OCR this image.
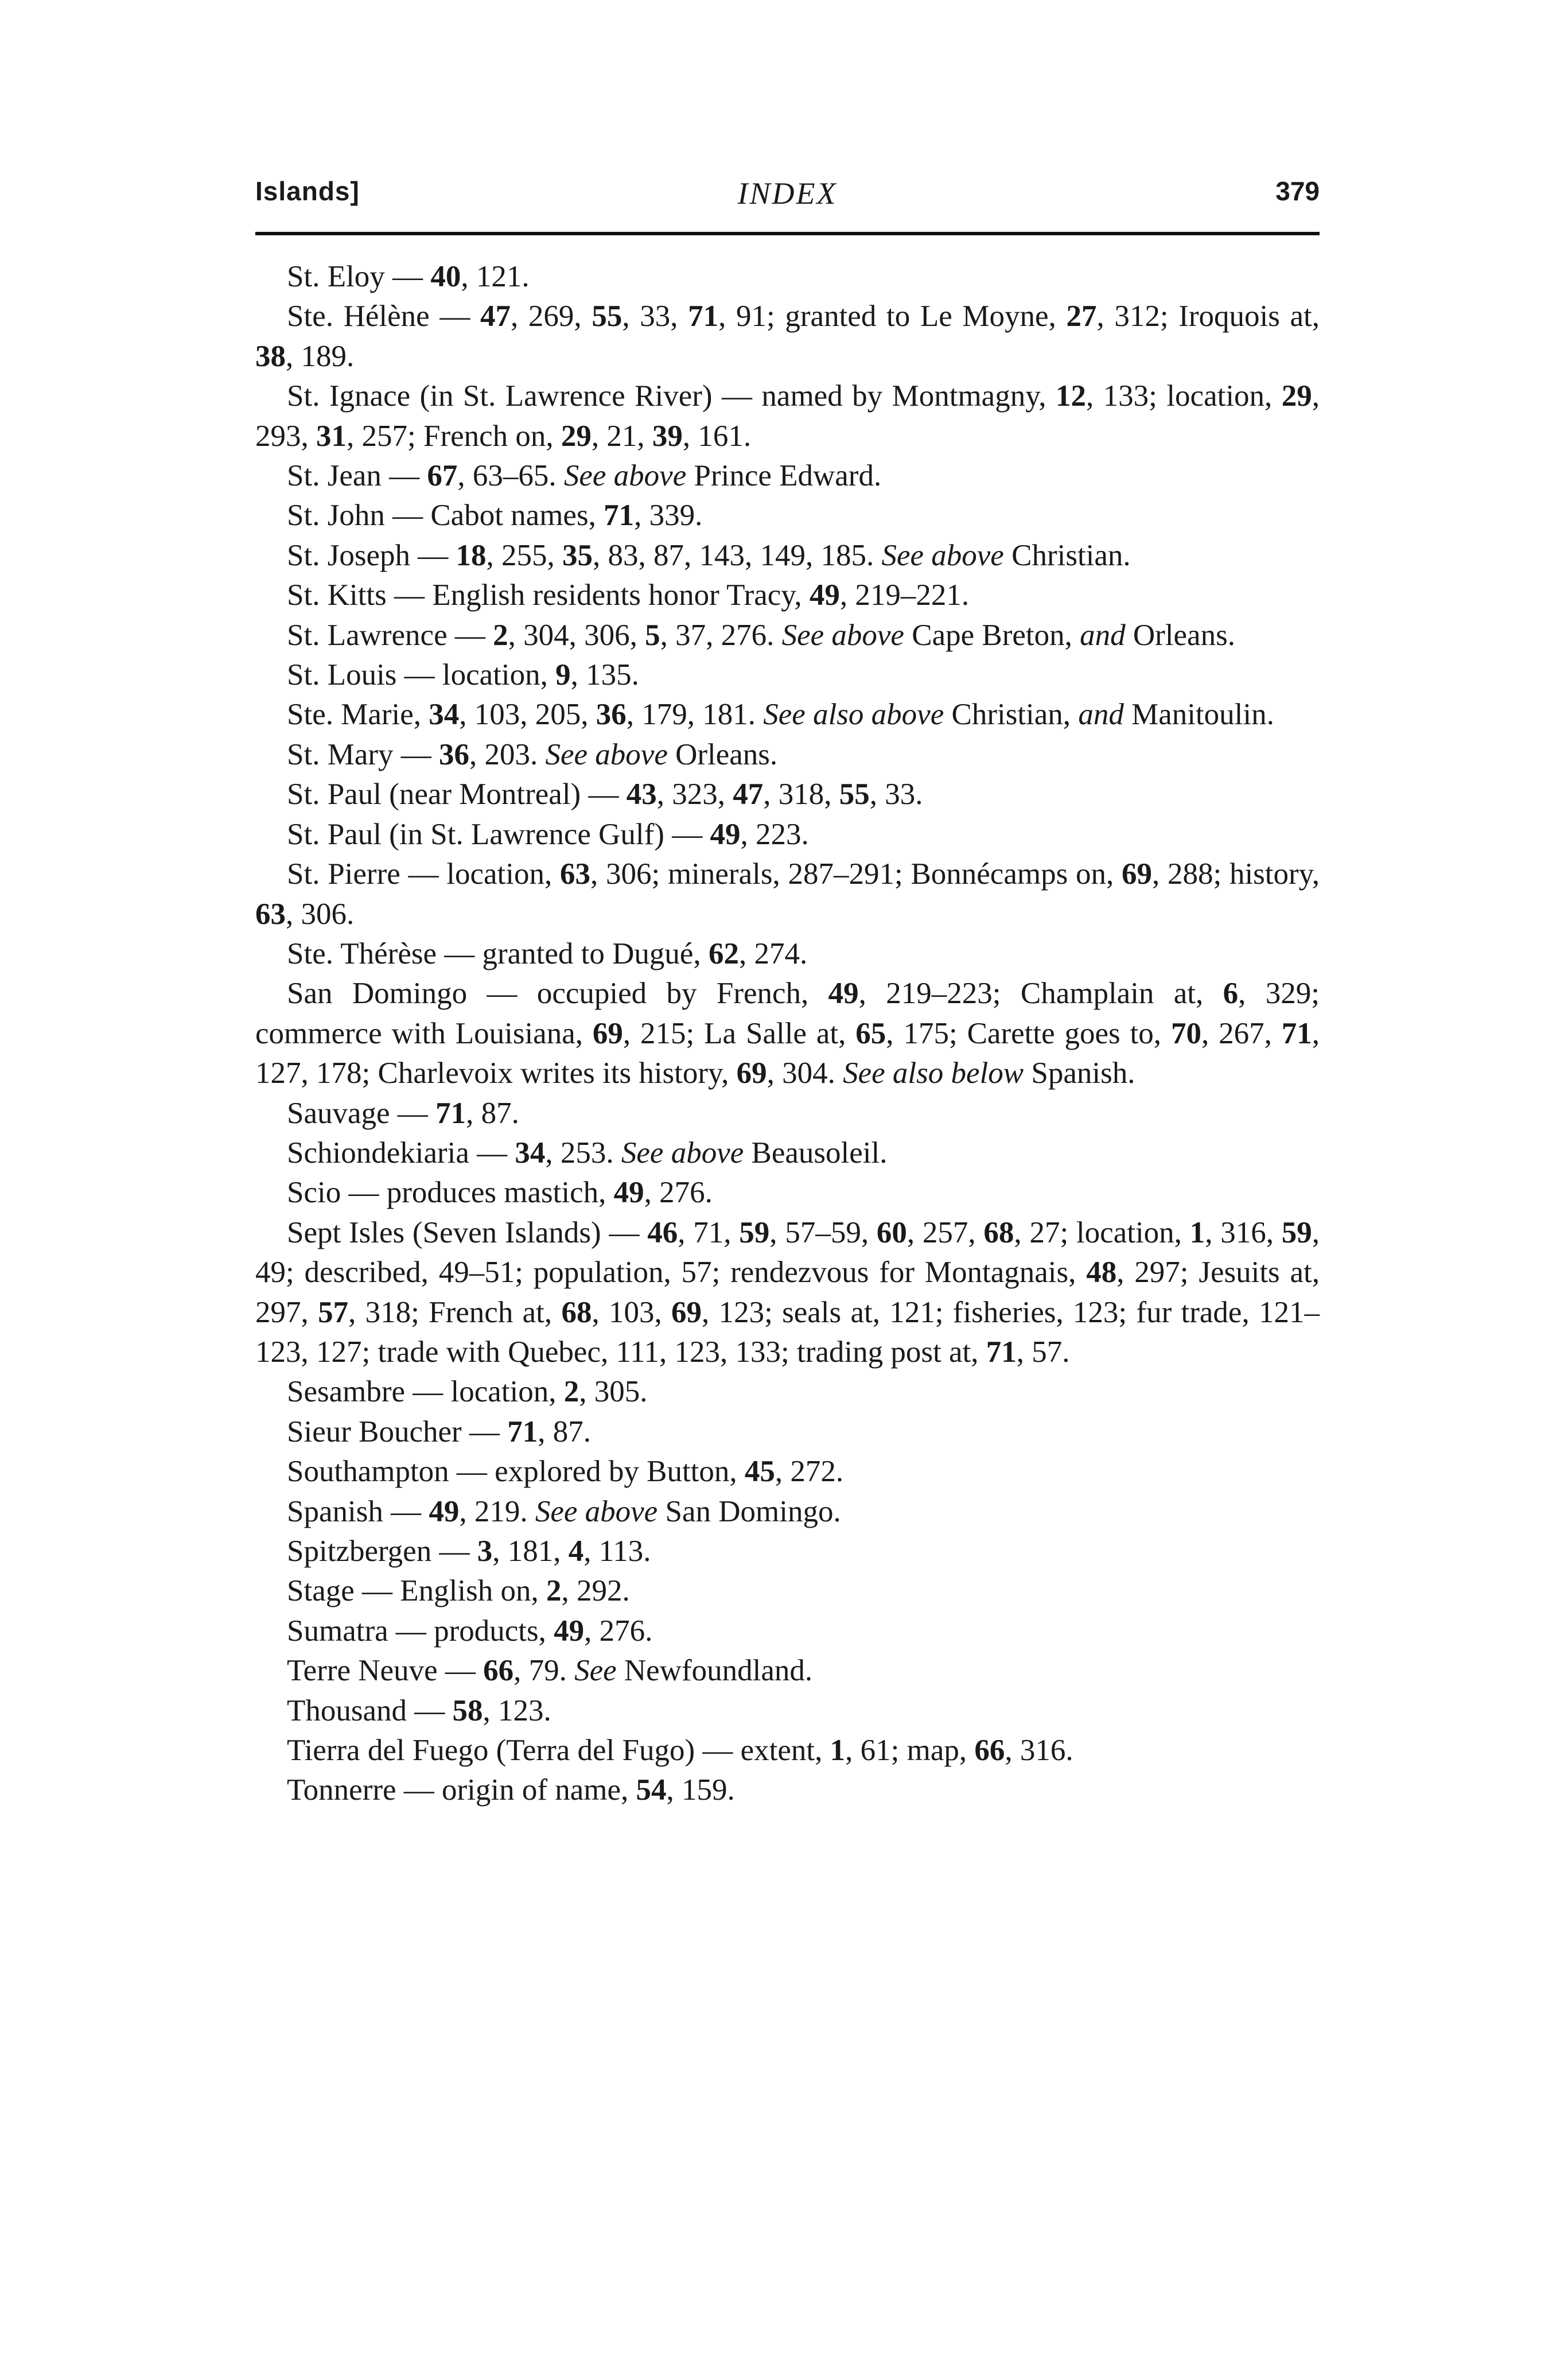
Islands]	INDEX	379

St. Eloy — 40, 121.

Ste. Hélène — 47, 269, 55, 33, 71, 91; granted to Le Moyne, 27, 312; Iroquois at, 38, 189.

St. Ignace (in St. Lawrence River) — named by Montmagny, 12, 133; location, 29, 293, 31, 257; French on, 29, 21, 39, 161.

St. Jean — 67, 63–65. See above Prince Edward.

St. John — Cabot names, 71, 339.

St. Joseph — 18, 255, 35, 83, 87, 143, 149, 185. See above Christian.

St. Kitts — English residents honor Tracy, 49, 219–221.

St. Lawrence — 2, 304, 306, 5, 37, 276. See above Cape Breton, and Orleans.

St. Louis — location, 9, 135.

Ste. Marie, 34, 103, 205, 36, 179, 181. See also above Christian, and Manitoulin.

St. Mary — 36, 203. See above Orleans.

St. Paul (near Montreal) — 43, 323, 47, 318, 55, 33.

St. Paul (in St. Lawrence Gulf) — 49, 223.

St. Pierre — location, 63, 306; minerals, 287–291; Bonnécamps on, 69, 288; history, 63, 306.

Ste. Thérèse — granted to Dugué, 62, 274.

San Domingo — occupied by French, 49, 219–223; Champlain at, 6, 329; commerce with Louisiana, 69, 215; La Salle at, 65, 175; Carette goes to, 70, 267, 71, 127, 178; Charlevoix writes its history, 69, 304. See also below Spanish.

Sauvage — 71, 87.

Schiondekiaria — 34, 253. See above Beausoleil.

Scio — produces mastich, 49, 276.

Sept Isles (Seven Islands) — 46, 71, 59, 57–59, 60, 257, 68, 27; location, 1, 316, 59, 49; described, 49–51; population, 57; rendezvous for Montagnais, 48, 297; Jesuits at, 297, 57, 318; French at, 68, 103, 69, 123; seals at, 121; fisheries, 123; fur trade, 121–123, 127; trade with Quebec, 111, 123, 133; trading post at, 71, 57.

Sesambre — location, 2, 305.

Sieur Boucher — 71, 87.

Southampton — explored by Button, 45, 272.

Spanish — 49, 219. See above San Domingo.

Spitzbergen — 3, 181, 4, 113.

Stage — English on, 2, 292.

Sumatra — products, 49, 276.

Terre Neuve — 66, 79. See Newfoundland.

Thousand — 58, 123.

Tierra del Fuego (Terra del Fugo) — extent, 1, 61; map, 66, 316.

Tonnerre — origin of name, 54, 159.
